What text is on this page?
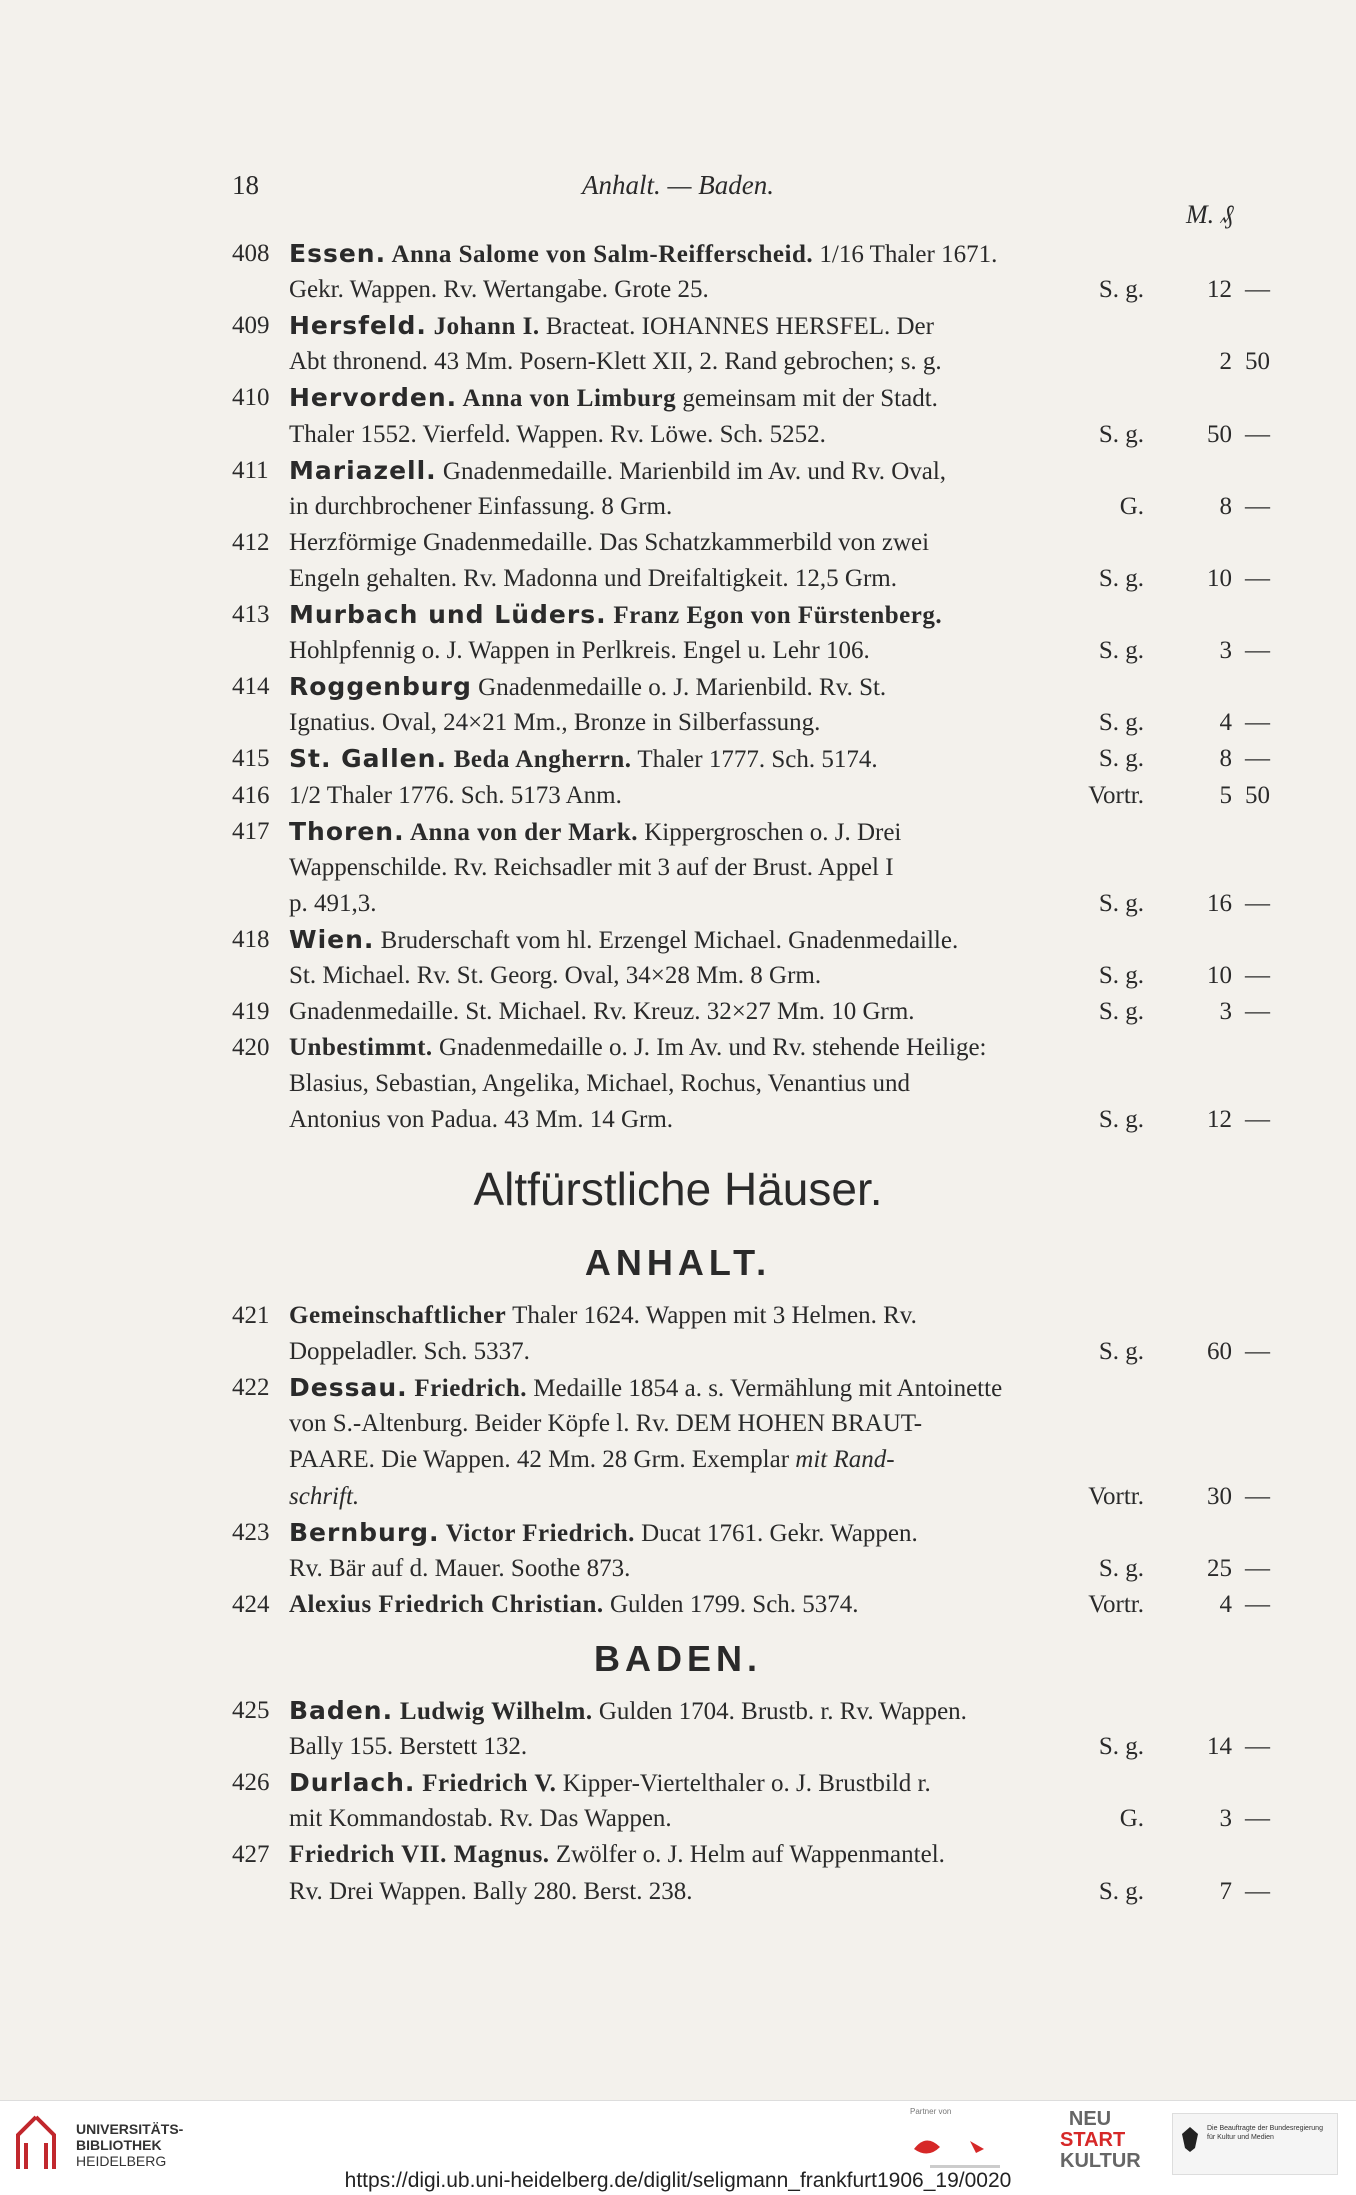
18	Anhalt. — Baden.
M. ₰
408 Essen. Anna Salome von Salm-Reifferscheid. 1/16 Thaler 1671.
Gekr. Wappen. Rv. Wertangabe. Grote 25.	S. g.	12 —
409 Hersfeld. Johann I. Bracteat. IOHANNES HERSFEL. Der
Abt thronend. 43 Mm. Posern-Klett XII, 2. Rand gebrochen; s. g.	2 50
410 Hervorden. Anna von Limburg gemeinsam mit der Stadt.
Thaler 1552. Vierfeld. Wappen. Rv. Löwe. Sch. 5252.	S. g.	50 —
411 Mariazell. Gnadenmedaille. Marienbild im Av. und Rv. Oval,
in durchbrochener Einfassung. 8 Grm.	G.	8 —
412 Herzförmige Gnadenmedaille. Das Schatzkammerbild von zwei
Engeln gehalten. Rv. Madonna und Dreifaltigkeit. 12,5 Grm.	S. g.	10 —
413 Murbach und Lüders. Franz Egon von Fürstenberg.
Hohlpfennig o. J. Wappen in Perlkreis. Engel u. Lehr 106.	S. g.	3 —
414 Roggenburg Gnadenmedaille o. J. Marienbild. Rv. St.
Ignatius. Oval, 24×21 Mm., Bronze in Silberfassung.	S. g.	4 —
415 St. Gallen. Beda Angherrn. Thaler 1777. Sch. 5174.	S. g.	8 —
416 1/2 Thaler 1776. Sch. 5173 Anm.	Vortr.	5 50
417 Thoren. Anna von der Mark. Kippergroschen o. J. Drei
Wappenschilde. Rv. Reichsadler mit 3 auf der Brust. Appel I
p. 491,3.	S. g.	16 —
418 Wien. Bruderschaft vom hl. Erzengel Michael. Gnadenmedaille.
St. Michael. Rv. St. Georg. Oval, 34×28 Mm. 8 Grm.	S. g.	10 —
419 Gnadenmedaille. St. Michael. Rv. Kreuz. 32×27 Mm. 10 Grm.	S. g.	3 —
420 Unbestimmt. Gnadenmedaille o. J. Im Av. und Rv. stehende Heilige:
Blasius, Sebastian, Angelika, Michael, Rochus, Venantius und
Antonius von Padua. 43 Mm. 14 Grm.	S. g.	12 —
Altfürstliche Häuser.
ANHALT.
421 Gemeinschaftlicher Thaler 1624. Wappen mit 3 Helmen. Rv.
Doppeladler. Sch. 5337.	S. g.	60 —
422 Dessau. Friedrich. Medaille 1854 a. s. Vermählung mit Antoinette
von S.-Altenburg. Beider Köpfe l. Rv. DEM HOHEN BRAUT-
PAARE. Die Wappen. 42 Mm. 28 Grm. Exemplar mit Rand-
schrift.	Vortr.	30 —
423 Bernburg. Victor Friedrich. Ducat 1761. Gekr. Wappen.
Rv. Bär auf d. Mauer. Soothe 873.	S. g.	25 —
424 Alexius Friedrich Christian. Gulden 1799. Sch. 5374.	Vortr.	4 —
BADEN.
425 Baden. Ludwig Wilhelm. Gulden 1704. Brustb. r. Rv. Wappen.
Bally 155. Berstett 132.	S. g.	14 —
426 Durlach. Friedrich V. Kipper-Viertelthaler o. J. Brustbild r.
mit Kommandostab. Rv. Das Wappen.	G.	3 —
427 Friedrich VII. Magnus. Zwölfer o. J. Helm auf Wappenmantel.
Rv. Drei Wappen. Bally 280. Berst. 238.	S. g.	7 —
UNIVERSITÄTS-
BIBLIOTHEK
HEIDELBERG
Partner von	NEU
START
KULTUR
Die Beauftragte der Bundesregierung für Kultur und Medien
https://digi.ub.uni-heidelberg.de/diglit/seligmann_frankfurt1906_19/0020
